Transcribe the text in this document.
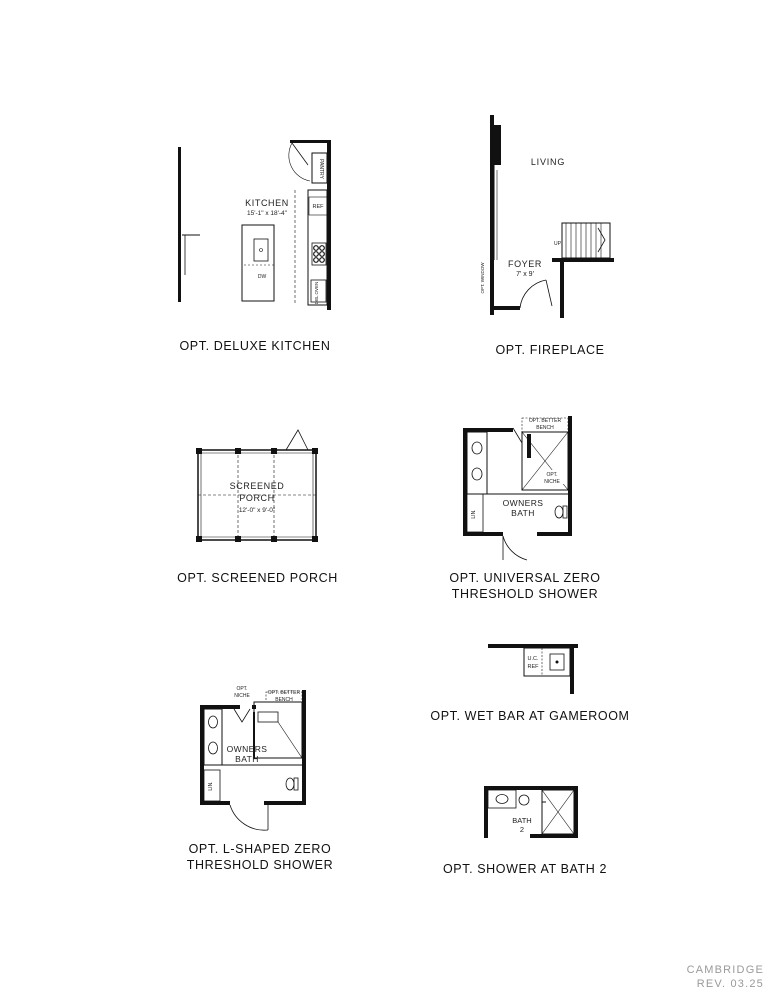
PANTRY
REF
DBL OVEN
DW
KITCHEN
15'-1" x 18'-4"
OPT. DELUXE KITCHEN
UP
LIVING
FOYER
7' x 9'
OPT. WINDOW
OPT. FIREPLACE
SCREENED
PORCH
12'-0" x 9'-0"
OPT. SCREENED PORCH
OPT. BETTER
BENCH
OPT.
NICHE
LIN.
OWNERS
BATH
OPT. UNIVERSAL ZERO
THRESHOLD SHOWER
U.C.
REF
OPT. WET BAR AT GAMEROOM
OPT.
NICHE	OPT. BETTER
BENCH
LIN.
OWNERS
BATH
OPT. L-SHAPED ZERO
THRESHOLD SHOWER
BATH
2
OPT. SHOWER AT BATH 2
CAMBRIDGE
REV. 03.25
